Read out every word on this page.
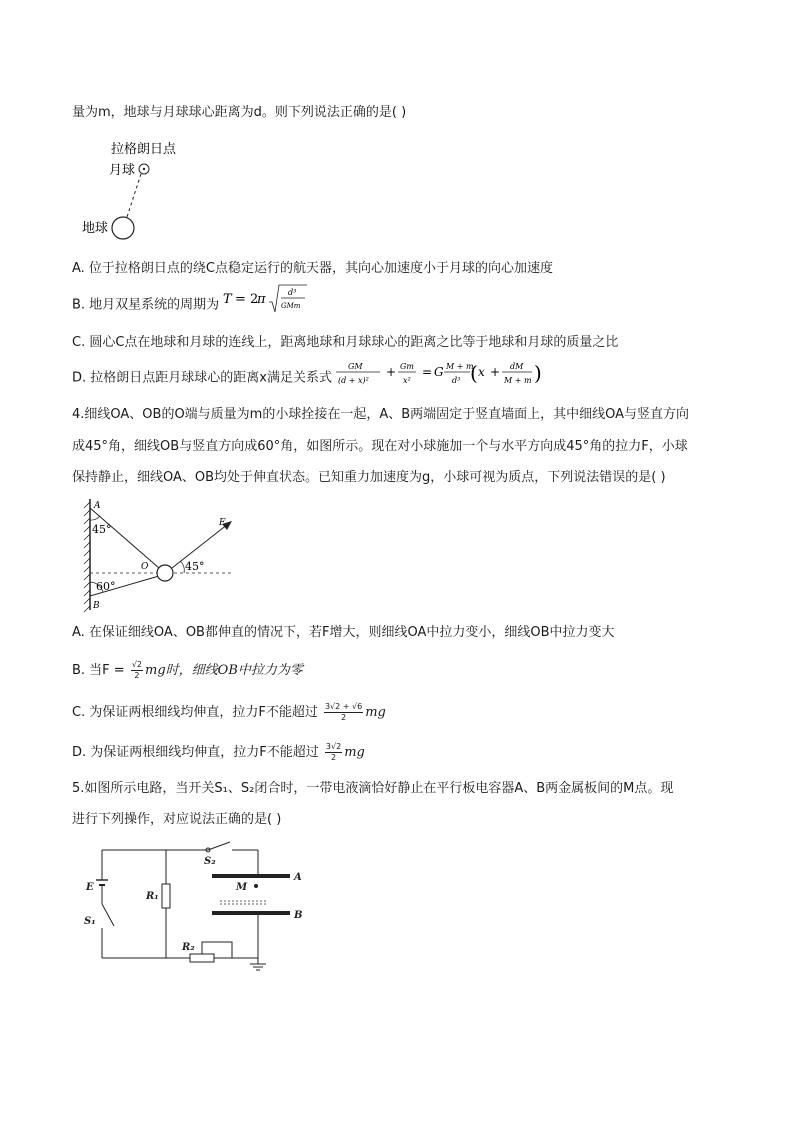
量为m，地球与月球球心距离为d。则下列说法正确的是( )
拉格朗日点
月球
地球
A. 位于拉格朗日点的绕C点稳定运行的航天器，其向心加速度小于月球的向心加速度
B. 地月双星系统的周期为 T = 2
π	d³
GMm
C. 圆心C点在地球和月球的连线上，距离地球和月球球心的距离之比等于地球和月球的质量之比
D. 拉格朗日点距月球球心的距离x满足关系式
GM
(d + x)²
+ Gm
x²
= G M + m
d³ ( x + dM
M + m )
4.细线OA、OB的O端与质量为m的小球拴接在一起，A、B两端固定于竖直墙面上，其中细线OA与竖直方向
成45°角，细线OB与竖直方向成60°角，如图所示。现在对小球施加一个与水平方向成45°角的拉力F，小球
保持静止，细线OA、OB均处于伸直状态。已知重力加速度为g，小球可视为质点，下列说法错误的是( )
A
B
45°
60°
O
F
45°
A. 在保证细线OA、OB都伸直的情况下，若F增大，则细线OA中拉力变小，细线OB中拉力变大
B. 当$F = \frac{√2}{2}$ mg时，细线OB中拉力为零
C. 为保证两根细线均伸直，拉力F不能超过 $\frac{3√2 + √6}{2}$ mg
D. 为保证两根细线均伸直，拉力F不能超过 $\frac{3√2}{2}$ mg
5.如图所示电路，当开关S₁、S₂闭合时，一带电液滴恰好静止在平行板电容器A、B两金属板间的M点。现
进行下列操作，对应说法正确的是( )
E
S₁
S₂
R₁
R₂
M
A
B
